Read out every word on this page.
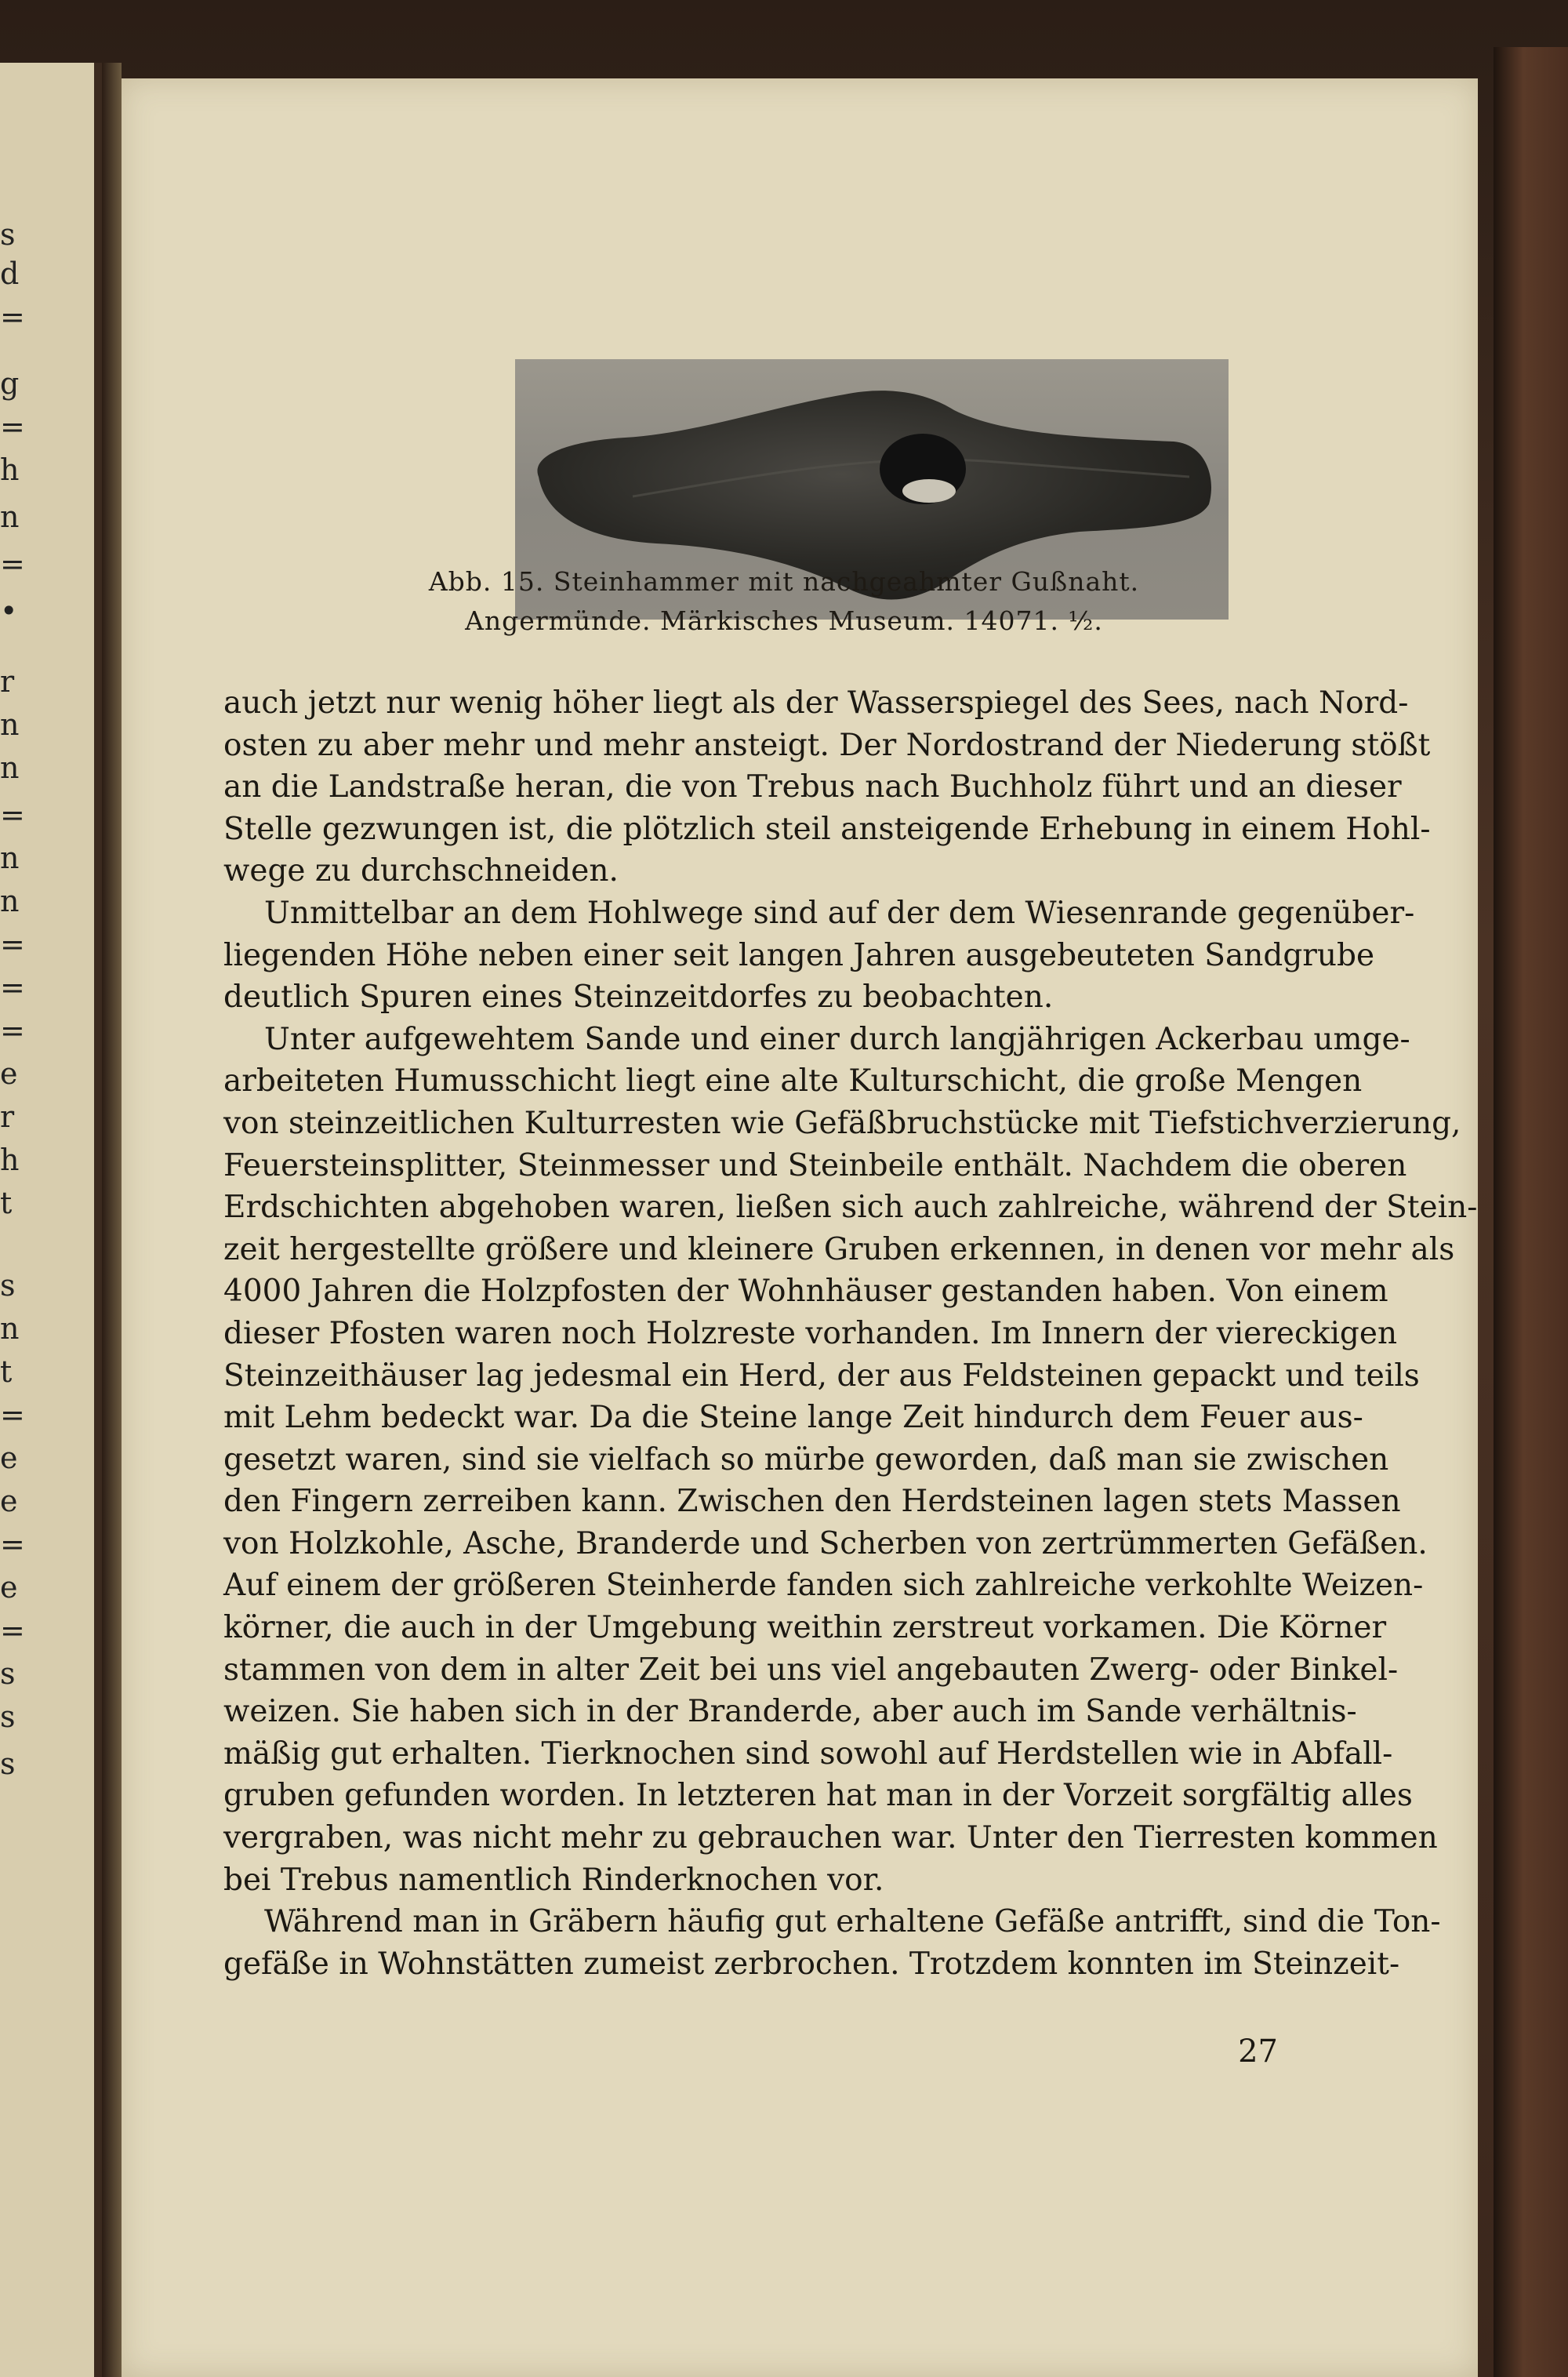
s
d
=
g
=
h
n
=
•
r
n
n
=
n
n
=
=
=
e
r
h
t
s
n
t
=
e
e
=
e
=
s
s
s
Abb. 15. Steinhammer mit nachgeahmter Gußnaht.
Angermünde. Märkisches Museum. 14071. ½.
auch jetzt nur wenig höher liegt als der Wasserspiegel des Sees, nach Nord-
osten zu aber mehr und mehr ansteigt. Der Nordostrand der Niederung stößt
an die Landstraße heran, die von Trebus nach Buchholz führt und an dieser
Stelle gezwungen ist, die plötzlich steil ansteigende Erhebung in einem Hohl-
wege zu durchschneiden.
Unmittelbar an dem Hohlwege sind auf der dem Wiesenrande gegenüber-
liegenden Höhe neben einer seit langen Jahren ausgebeuteten Sandgrube
deutlich Spuren eines Steinzeitdorfes zu beobachten.
Unter aufgewehtem Sande und einer durch langjährigen Ackerbau umge-
arbeiteten Humusschicht liegt eine alte Kulturschicht, die große Mengen
von steinzeitlichen Kulturresten wie Gefäßbruchstücke mit Tiefstichverzierung,
Feuersteinsplitter, Steinmesser und Steinbeile enthält. Nachdem die oberen
Erdschichten abgehoben waren, ließen sich auch zahlreiche, während der Stein-
zeit hergestellte größere und kleinere Gruben erkennen, in denen vor mehr als
4000 Jahren die Holzpfosten der Wohnhäuser gestanden haben. Von einem
dieser Pfosten waren noch Holzreste vorhanden. Im Innern der viereckigen
Steinzeithäuser lag jedesmal ein Herd, der aus Feldsteinen gepackt und teils
mit Lehm bedeckt war. Da die Steine lange Zeit hindurch dem Feuer aus-
gesetzt waren, sind sie vielfach so mürbe geworden, daß man sie zwischen
den Fingern zerreiben kann. Zwischen den Herdsteinen lagen stets Massen
von Holzkohle, Asche, Branderde und Scherben von zertrümmerten Gefäßen.
Auf einem der größeren Steinherde fanden sich zahlreiche verkohlte Weizen-
körner, die auch in der Umgebung weithin zerstreut vorkamen. Die Körner
stammen von dem in alter Zeit bei uns viel angebauten Zwerg- oder Binkel-
weizen. Sie haben sich in der Branderde, aber auch im Sande verhältnis-
mäßig gut erhalten. Tierknochen sind sowohl auf Herdstellen wie in Abfall-
gruben gefunden worden. In letzteren hat man in der Vorzeit sorgfältig alles
vergraben, was nicht mehr zu gebrauchen war. Unter den Tierresten kommen
bei Trebus namentlich Rinderknochen vor.
Während man in Gräbern häufig gut erhaltene Gefäße antrifft, sind die Ton-
gefäße in Wohnstätten zumeist zerbrochen. Trotzdem konnten im Steinzeit-
27
